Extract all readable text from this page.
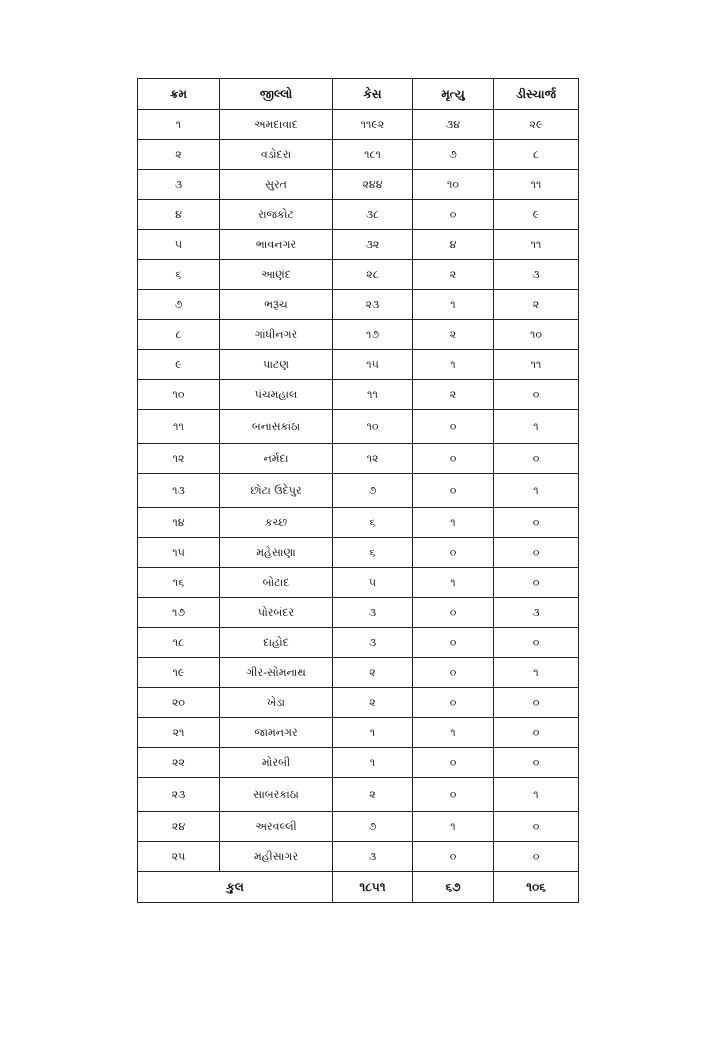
ક્રમ	જીલ્લો	કેસ	મૃત્યુ	ડીસ્ચાર્જ
૧	અમદાવાદ	૧૧૯૨	૩૪	૨૯
૨	વડોદરા	૧૮૧	૭	૮
૩	સુરત	૨૪૪	૧૦	૧૧
૪	રાજકોટ	૩૮	૦	૯
૫	ભાવનગર	૩૨	૪	૧૧
૬	આણંદ	૨૮	૨	૩
૭	ભરૂચ	૨૩	૧	૨
૮	ગાંધીનગર	૧૭	૨	૧૦
૯	પાટણ	૧૫	૧	૧૧
૧૦	પંચમહાલ	૧૧	૨	૦
૧૧	બનાસકાંઠા	૧૦	૦	૧
૧૨	નર્મદા	૧૨	૦	૦
૧૩	છોટા ઉદેપુર	૭	૦	૧
૧૪	કચ્છ	૬	૧	૦
૧૫	મહેસાણા	૬	૦	૦
૧૬	બોટાદ	૫	૧	૦
૧૭	પોરબંદર	૩	૦	૩
૧૮	દાહોદ	૩	૦	૦
૧૯	ગીર-સોમનાથ	૨	૦	૧
૨૦	ખેડા	૨	૦	૦
૨૧	જામનગર	૧	૧	૦
૨૨	મોરબી	૧	૦	૦
૨૩	સાબરકાંઠા	૨	૦	૧
૨૪	અરવલ્લી	૭	૧	૦
૨૫	મહીસાગર	૩	૦	૦
કુલ		૧૮૫૧	૬૭	૧૦૬
